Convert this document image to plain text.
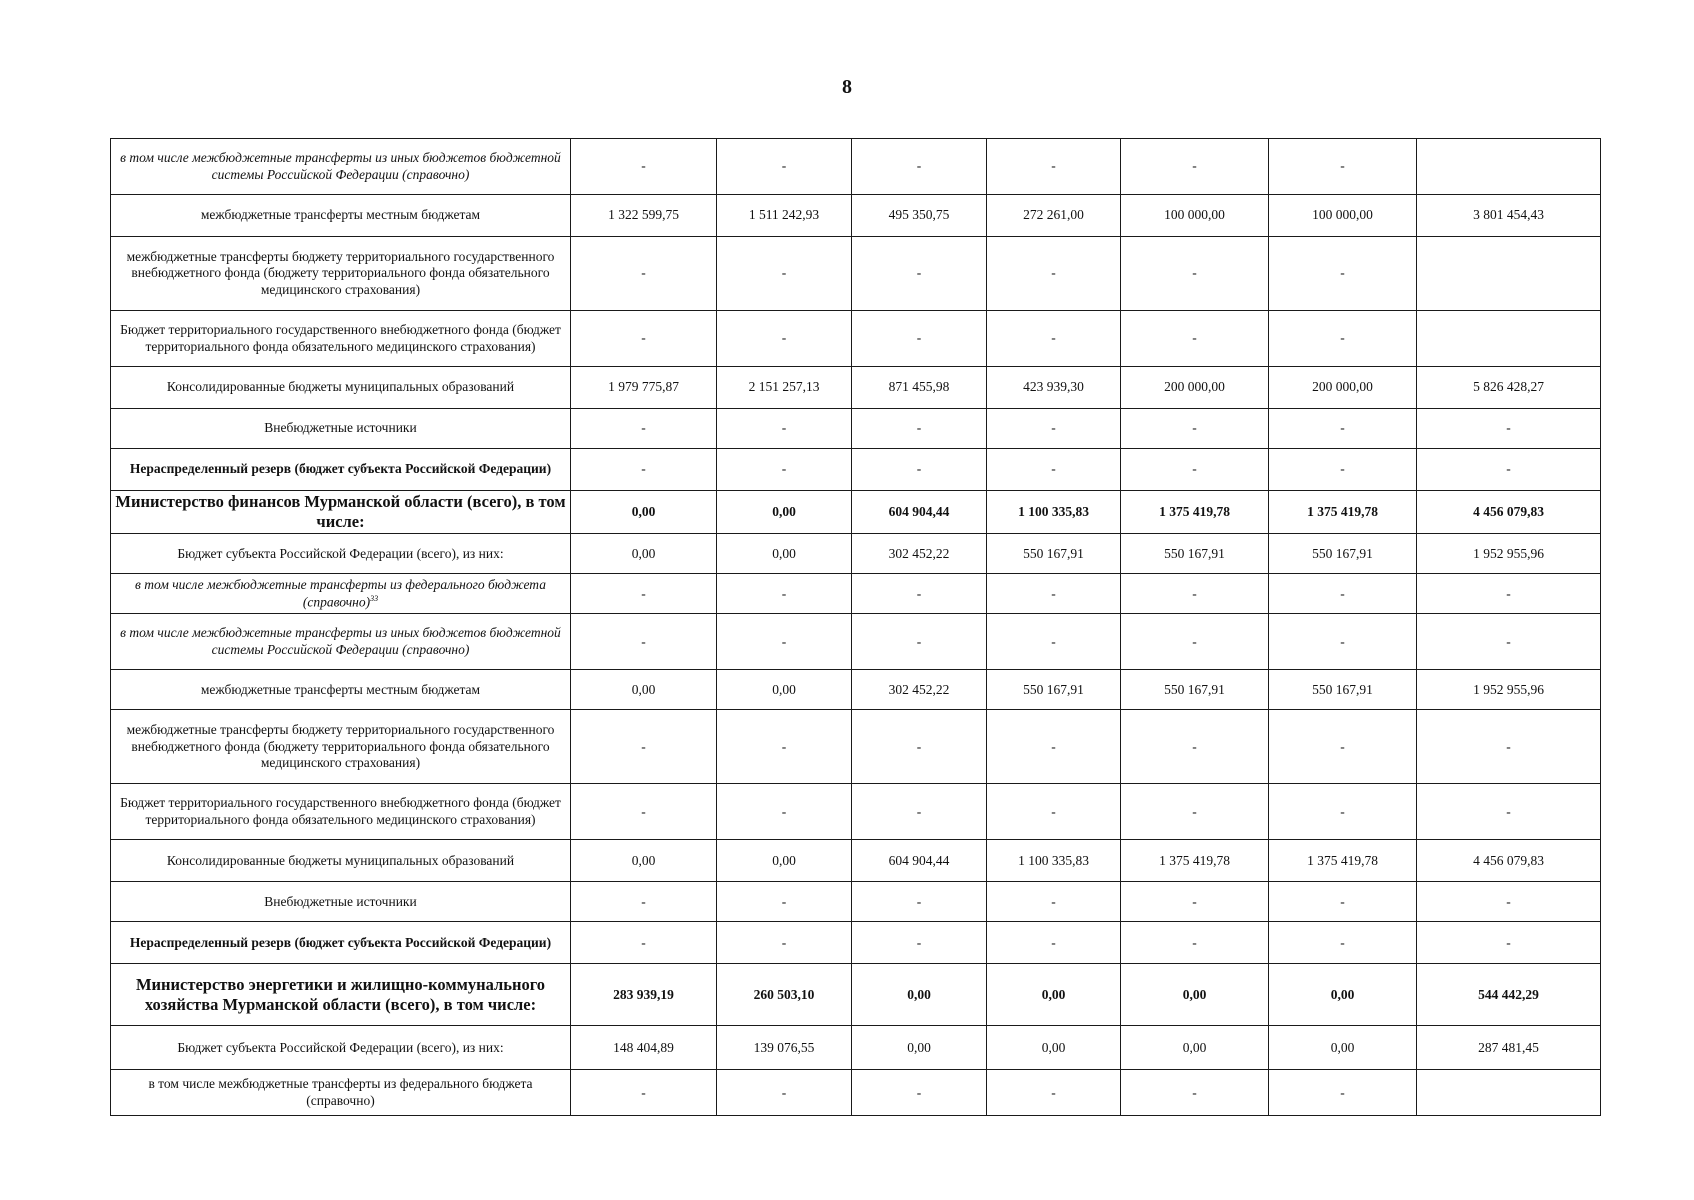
8
в том числе межбюджетные трансферты из иных бюджетов бюджетной системы Российской Федерации (справочно)	-	-	-	-	-	-	
межбюджетные трансферты местным бюджетам	1 322 599,75	1 511 242,93	495 350,75	272 261,00	100 000,00	100 000,00	3 801 454,43
межбюджетные трансферты бюджету территориального государственного внебюджетного фонда (бюджету территориального фонда обязательного медицинского страхования)	-	-	-	-	-	-	
Бюджет территориального государственного внебюджетного фонда (бюджет территориального фонда обязательного медицинского страхования)	-	-	-	-	-	-	
Консолидированные бюджеты муниципальных образований	1 979 775,87	2 151 257,13	871 455,98	423 939,30	200 000,00	200 000,00	5 826 428,27
Внебюджетные источники	-	-	-	-	-	-	-
Нераспределенный резерв (бюджет субъекта Российской Федерации)	-	-	-	-	-	-	-
Министерство финансов Мурманской области (всего), в том числе:	0,00	0,00	604 904,44	1 100 335,83	1 375 419,78	1 375 419,78	4 456 079,83
Бюджет субъекта Российской Федерации (всего), из них:	0,00	0,00	302 452,22	550 167,91	550 167,91	550 167,91	1 952 955,96
в том числе межбюджетные трансферты из федерального бюджета (справочно)$^{33}$	-	-	-	-	-	-	-
в том числе межбюджетные трансферты из иных бюджетов бюджетной системы Российской Федерации (справочно)	-	-	-	-	-	-	-
межбюджетные трансферты местным бюджетам	0,00	0,00	302 452,22	550 167,91	550 167,91	550 167,91	1 952 955,96
межбюджетные трансферты бюджету территориального государственного внебюджетного фонда (бюджету территориального фонда обязательного медицинского страхования)	-	-	-	-	-	-	-
Бюджет территориального государственного внебюджетного фонда (бюджет территориального фонда обязательного медицинского страхования)	-	-	-	-	-	-	-
Консолидированные бюджеты муниципальных образований	0,00	0,00	604 904,44	1 100 335,83	1 375 419,78	1 375 419,78	4 456 079,83
Внебюджетные источники	-	-	-	-	-	-	-
Нераспределенный резерв (бюджет субъекта Российской Федерации)	-	-	-	-	-	-	-
Министерство энергетики и жилищно-коммунального хозяйства Мурманской области (всего), в том числе:	283 939,19	260 503,10	0,00	0,00	0,00	0,00	544 442,29
Бюджет субъекта Российской Федерации (всего), из них:	148 404,89	139 076,55	0,00	0,00	0,00	0,00	287 481,45
в том числе межбюджетные трансферты из федерального бюджета (справочно)	-	-	-	-	-	-	
